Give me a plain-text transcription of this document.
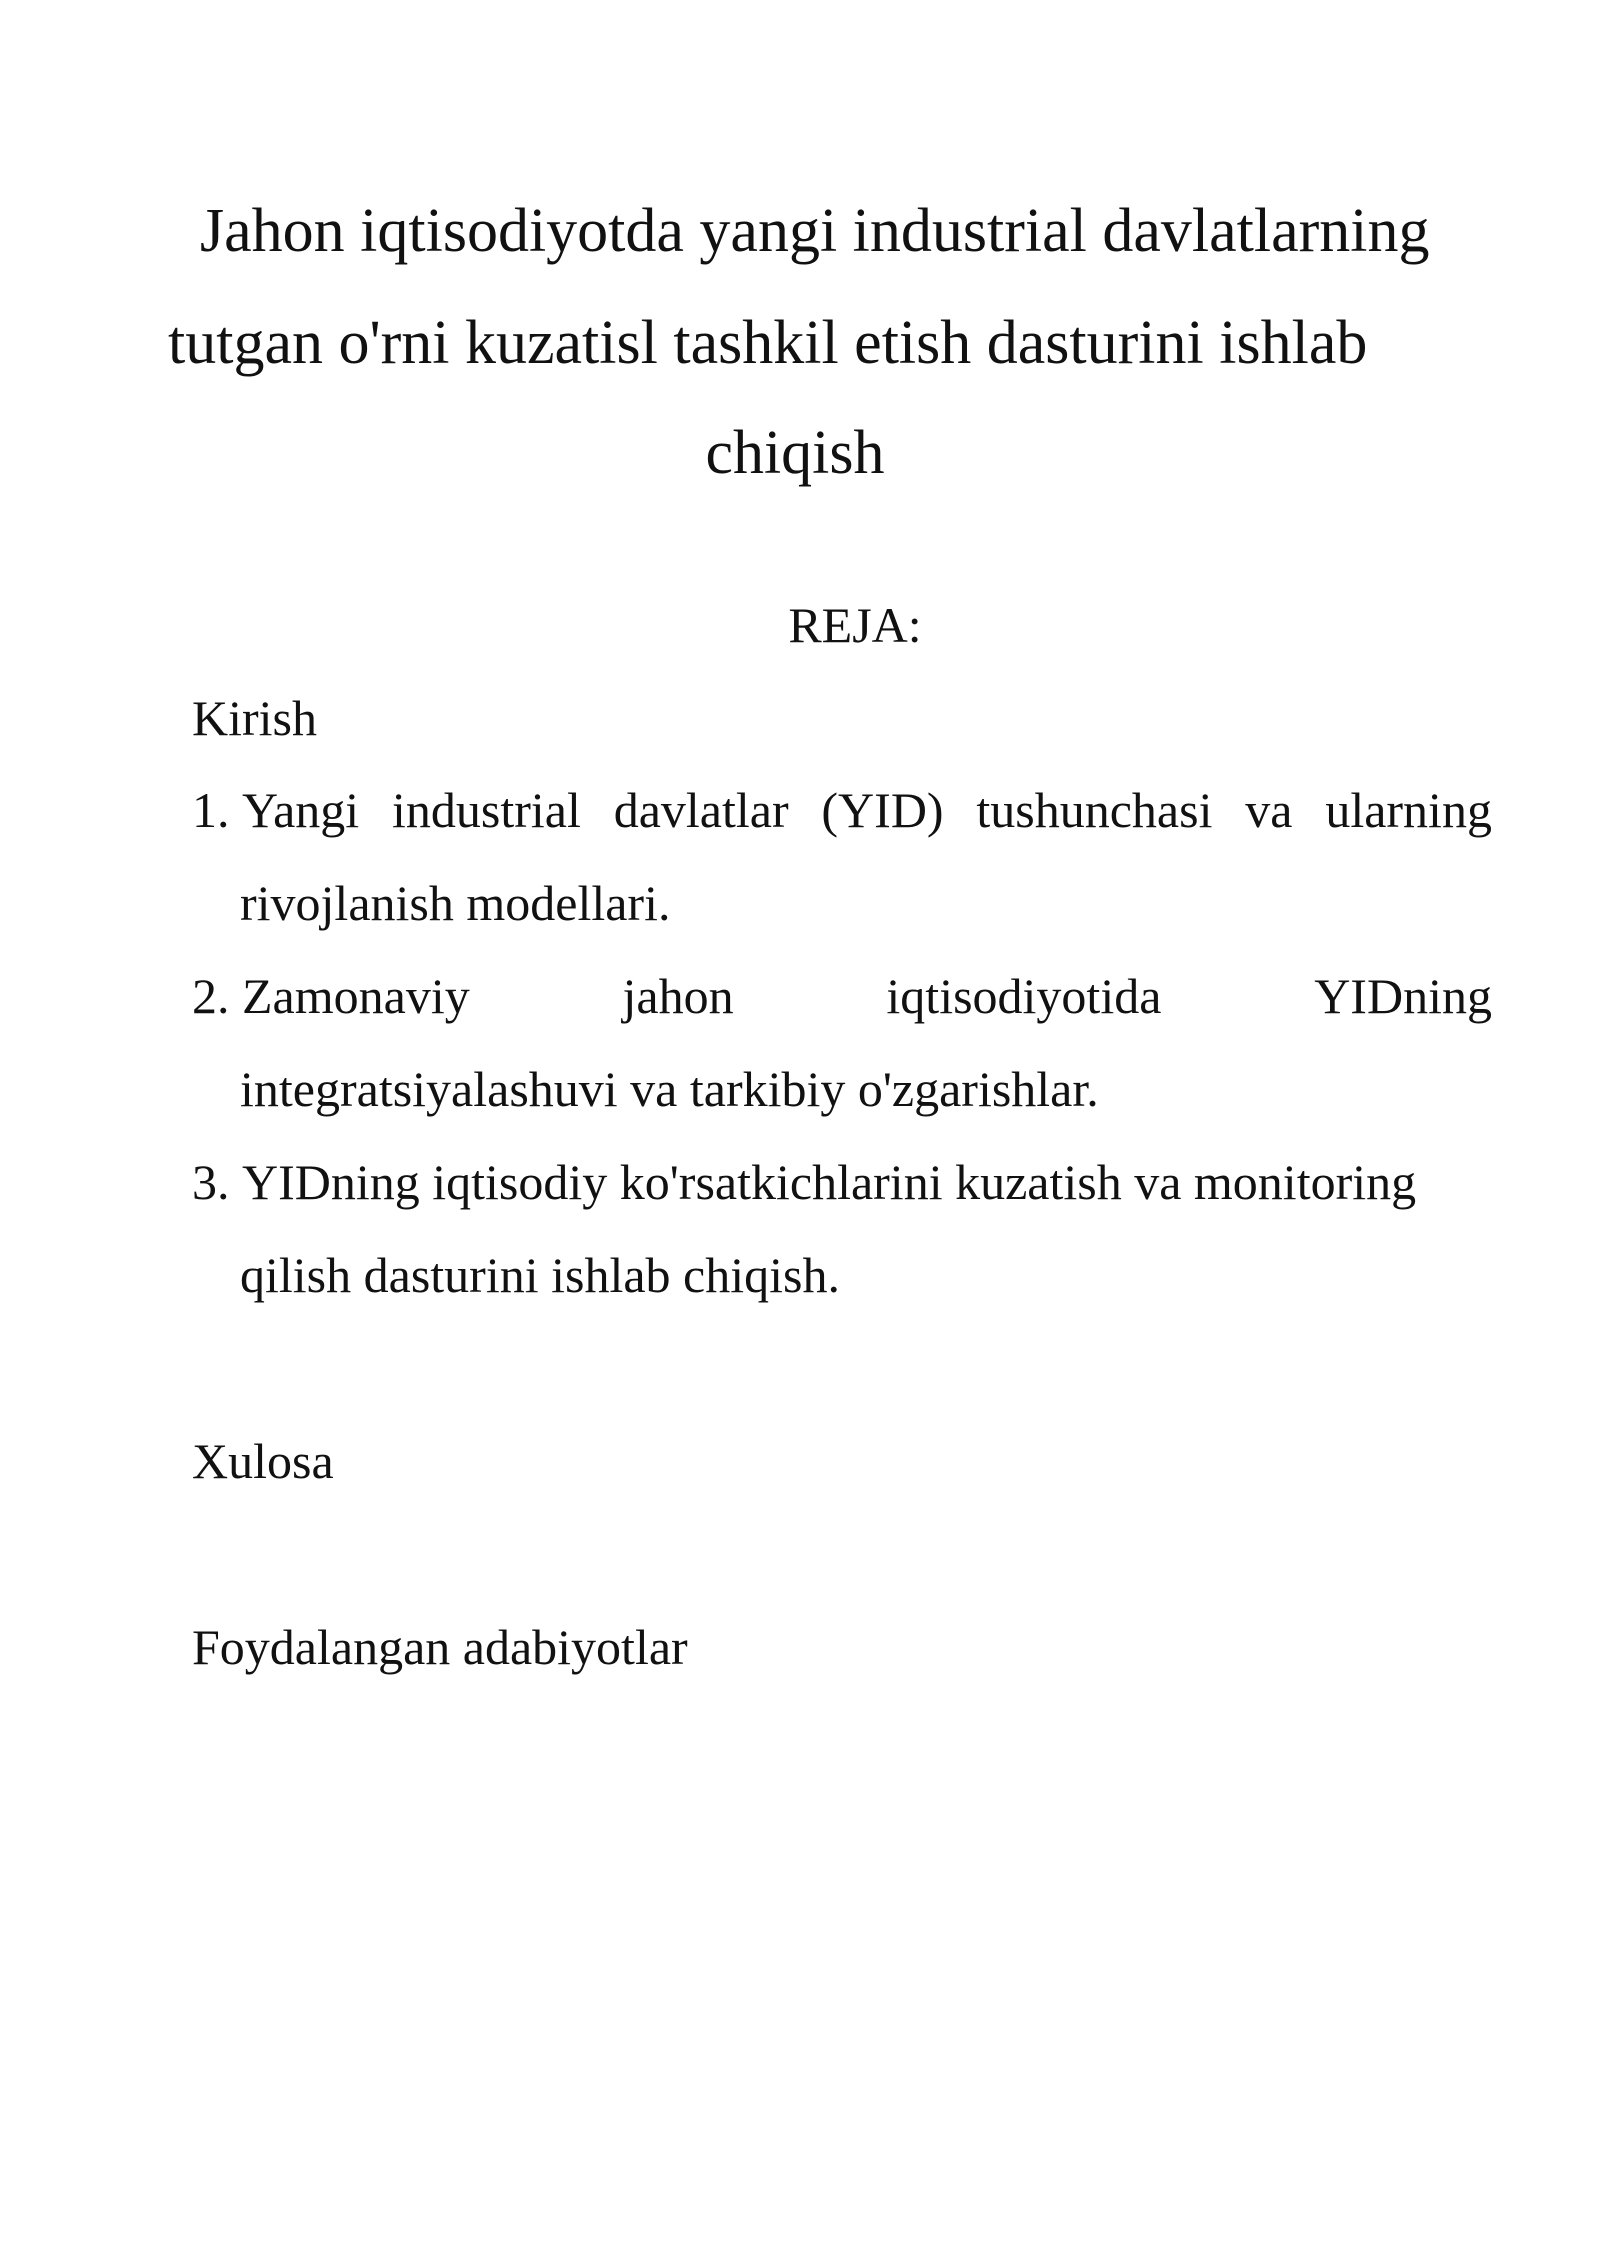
Jahon iqtisodiyotda yangi industrial davlatlarning
tutgan o'rni kuzatisl tashkil etish dasturini ishlab
chiqish
REJA:
Kirish
1. Yangi industrial davlatlar (YID) tushunchasi va ularning
rivojlanish modellari.
2. Zamonaviy	jahon	iqtisodiyotida	YIDning
integratsiyalashuvi va tarkibiy o'zgarishlar.
3. YIDning iqtisodiy ko'rsatkichlarini kuzatish va monitoring
qilish dasturini ishlab chiqish.
Xulosa
Foydalangan adabiyotlar
